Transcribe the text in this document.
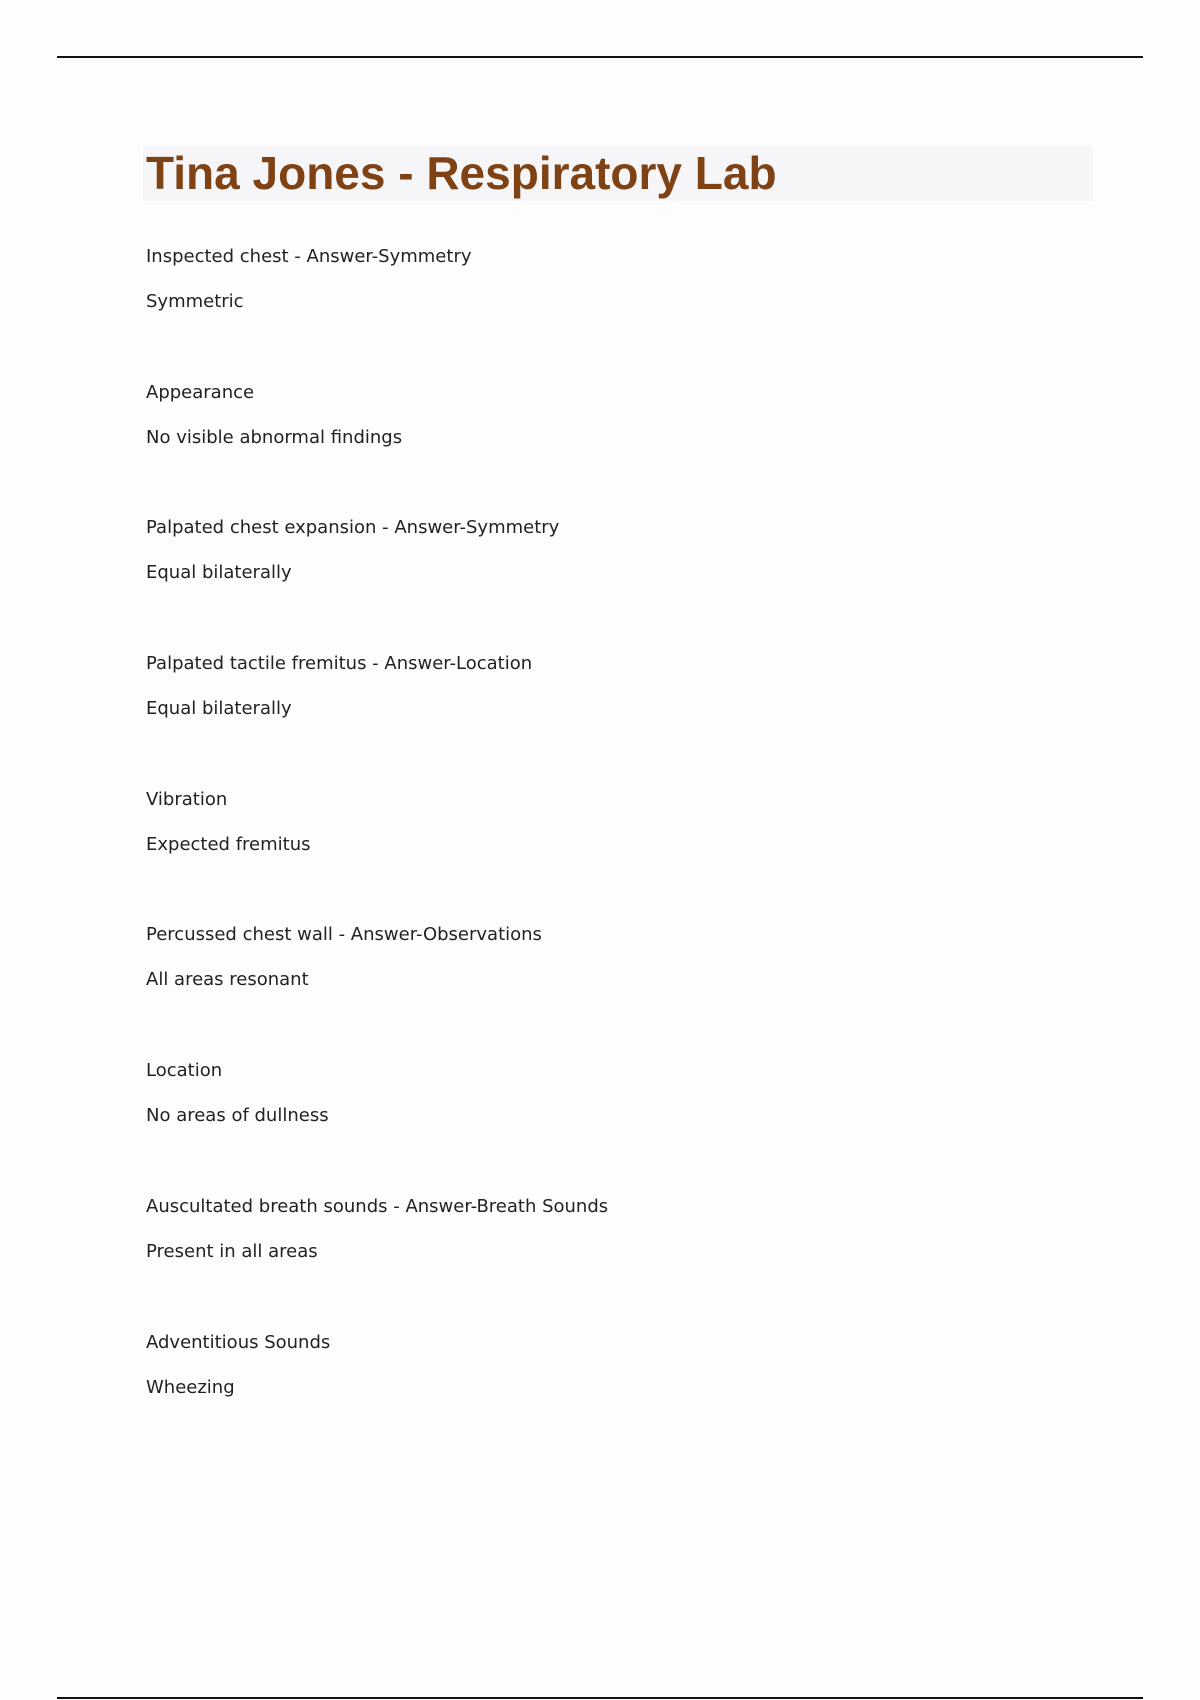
Tina Jones - Respiratory Lab
Inspected chest - Answer-Symmetry
Symmetric
Appearance
No visible abnormal findings
Palpated chest expansion - Answer-Symmetry
Equal bilaterally
Palpated tactile fremitus - Answer-Location
Equal bilaterally
Vibration
Expected fremitus
Percussed chest wall - Answer-Observations
All areas resonant
Location
No areas of dullness
Auscultated breath sounds - Answer-Breath Sounds
Present in all areas
Adventitious Sounds
Wheezing
